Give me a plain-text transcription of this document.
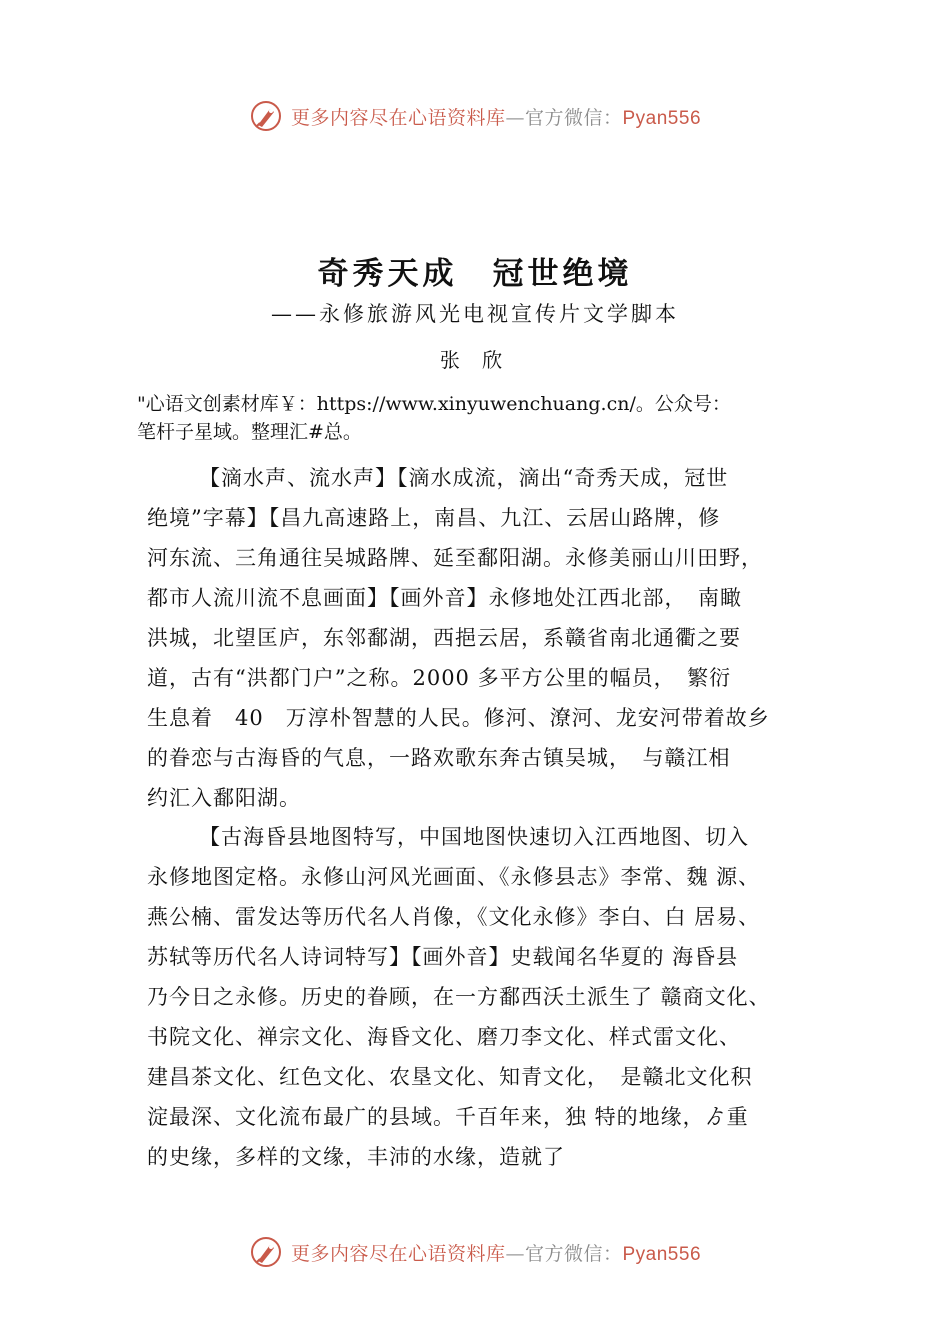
更多内容尽在心语资料库—官方微信：Pyan556
奇秀天成　冠世绝境
——永修旅游风光电视宣传片文学脚本
张 欣
"心语文创素材库￥：https://www.xinyuwenchuang.cn/。公众号：
笔杆子星域。整理汇#总。
【滴水声、流水声】【滴水成流，滴出“奇秀天成，冠世
绝境”字幕】【昌九高速路上，南昌、九江、云居山路牌，修
河东流、三角通往吴城路牌、延至鄱阳湖。永修美丽山川田野，
都市人流川流不息画面】【画外音】永修地处江西北部，　南瞰
洪城，北望匡庐，东邻鄱湖，西挹云居，系赣省南北通衢之要
道，古有“洪都门户”之称。2000 多平方公里的幅员，　繁衍
生息着　40　万淳朴智慧的人民。修河、潦河、龙安河带着故乡
的眷恋与古海昏的气息，一路欢歌东奔古镇吴城，　与赣江相
约汇入鄱阳湖。
【古海昏县地图特写，中国地图快速切入江西地图、切入
永修地图定格。永修山河风光画面、《永修县志》李常、魏 源、
燕公楠、雷发达等历代名人肖像，《文化永修》李白、白 居易、
苏轼等历代名人诗词特写】【画外音】史载闻名华夏的 海昏县
乃今日之永修。历史的眷顾，在一方鄱西沃土派生了 赣商文化、
书院文化、禅宗文化、海昏文化、磨刀李文化、样式雷文化、
建昌茶文化、红色文化、农垦文化、知青文化，　是赣北文化积
淀最深、文化流布最广的县域。千百年来，独 特的地缘，ゟ重
的史缘，多样的文缘，丰沛的水缘，造就了
更多内容尽在心语资料库—官方微信：Pyan556
